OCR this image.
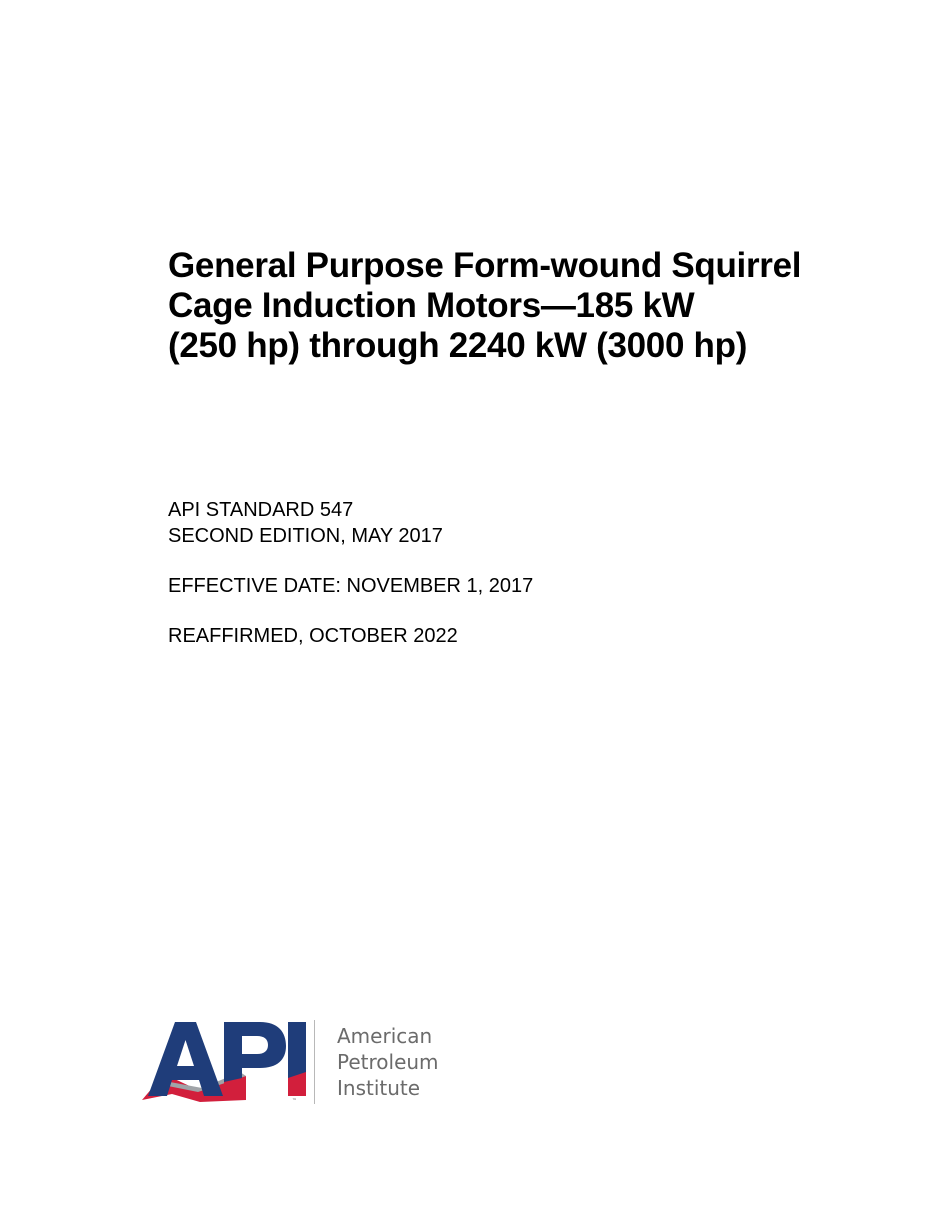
General Purpose Form-wound Squirrel
Cage Induction Motors—185 kW
(250 hp) through 2240 kW (3000 hp)
API STANDARD 547
SECOND EDITION, MAY 2017
EFFECTIVE DATE: NOVEMBER 1, 2017
REAFFIRMED, OCTOBER 2022
™
American
Petroleum
Institute
